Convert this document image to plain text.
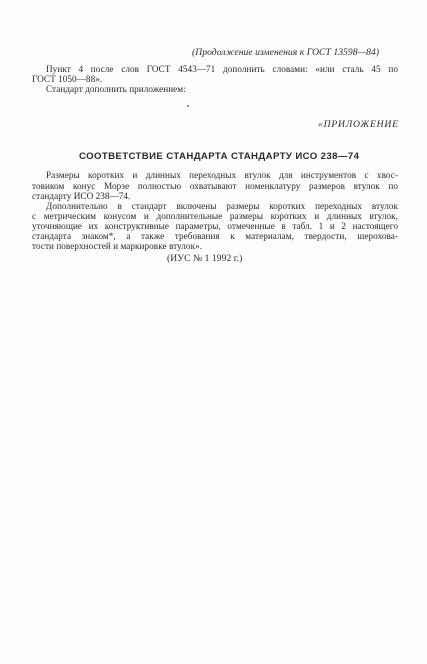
(Продолжение изменения к ГОСТ 13598—84)
Пункт 4 после слов ГОСТ 4543—71 дополнить словами: «или сталь 45 по
ГОСТ 1050—88».
Стандарт дополнить приложением:
«ПРИЛОЖЕНИЕ
СООТВЕТСТВИЕ СТАНДАРТА СТАНДАРТУ ИСО 238—74
Размеры коротких и длинных переходных втулок для инструментов с хвос-
товиком конус Морзе полностью охватывают номенклатуру размеров втулок по
стандарту ИСО 238—74.
Дополнительно в стандарт включены размеры коротких переходных втулок
с метрическим конусом и дополнительные размеры коротких и длинных втулок,
уточняющие их конструктивные параметры, отмеченные в табл. 1 и 2 настоящего
стандарта знаком*, а также требования к материалам, твердости, шерохова-
тости поверхностей и маркировке втулок».
(ИУС № 1 1992 г.)
